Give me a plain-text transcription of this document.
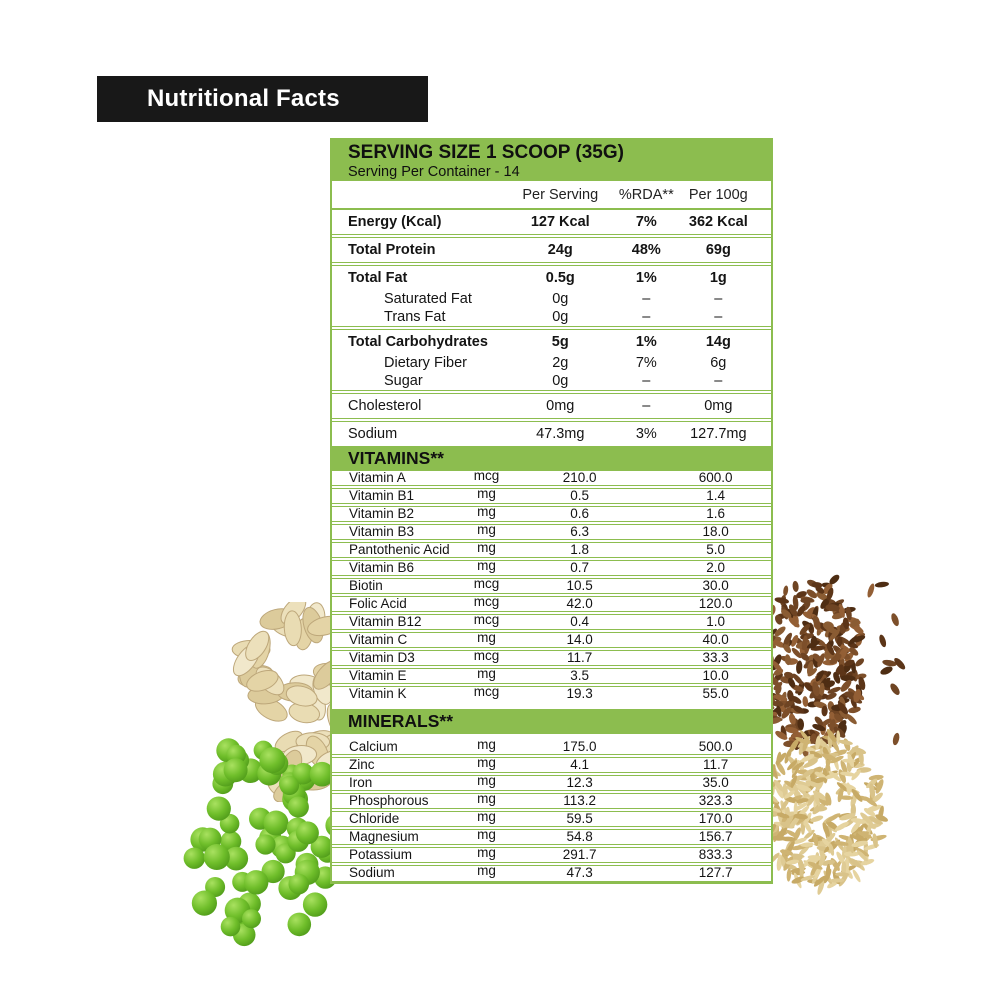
Nutritional Facts
SERVING SIZE 1 SCOOP (35G)
Serving Per Container - 14
Per Serving %RDA** Per 100g
Energy (Kcal)	127 Kcal	7% 362 Kcal
Total Protein	24g	48%	69g
Total Fat	0.5g	1%	1g
Saturated Fat	0g	–	–
Trans Fat	0g	–	–
Total Carbohydrates	5g	1%	14g
Dietary Fiber	2g	7%	6g
Sugar	0g	–	–
Cholesterol	0mg	–	0mg
Sodium	47.3mg	3% 127.7mg
VITAMINS**
Vitamin A	mcg	210.0	600.0
Vitamin B1	mg	0.5	1.4
Vitamin B2	mg	0.6	1.6
Vitamin B3	mg	6.3	18.0
Pantothenic Acid mg	1.8	5.0
Vitamin B6	mg	0.7	2.0
Biotin	mcg	10.5	30.0
Folic Acid	mcg	42.0	120.0
Vitamin B12	mcg	0.4	1.0
Vitamin C	mg	14.0	40.0
Vitamin D3	mcg	11.7	33.3
Vitamin E	mg	3.5	10.0
Vitamin K	mcg	19.3	55.0
MINERALS**
Calcium	mg	175.0	500.0
Zinc	mg	4.1	11.7
Iron	mg	12.3	35.0
Phosphorous	mg	113.2	323.3
Chloride	mg	59.5	170.0
Magnesium	mg	54.8	156.7
Potassium	mg	291.7	833.3
Sodium	mg	47.3	127.7
